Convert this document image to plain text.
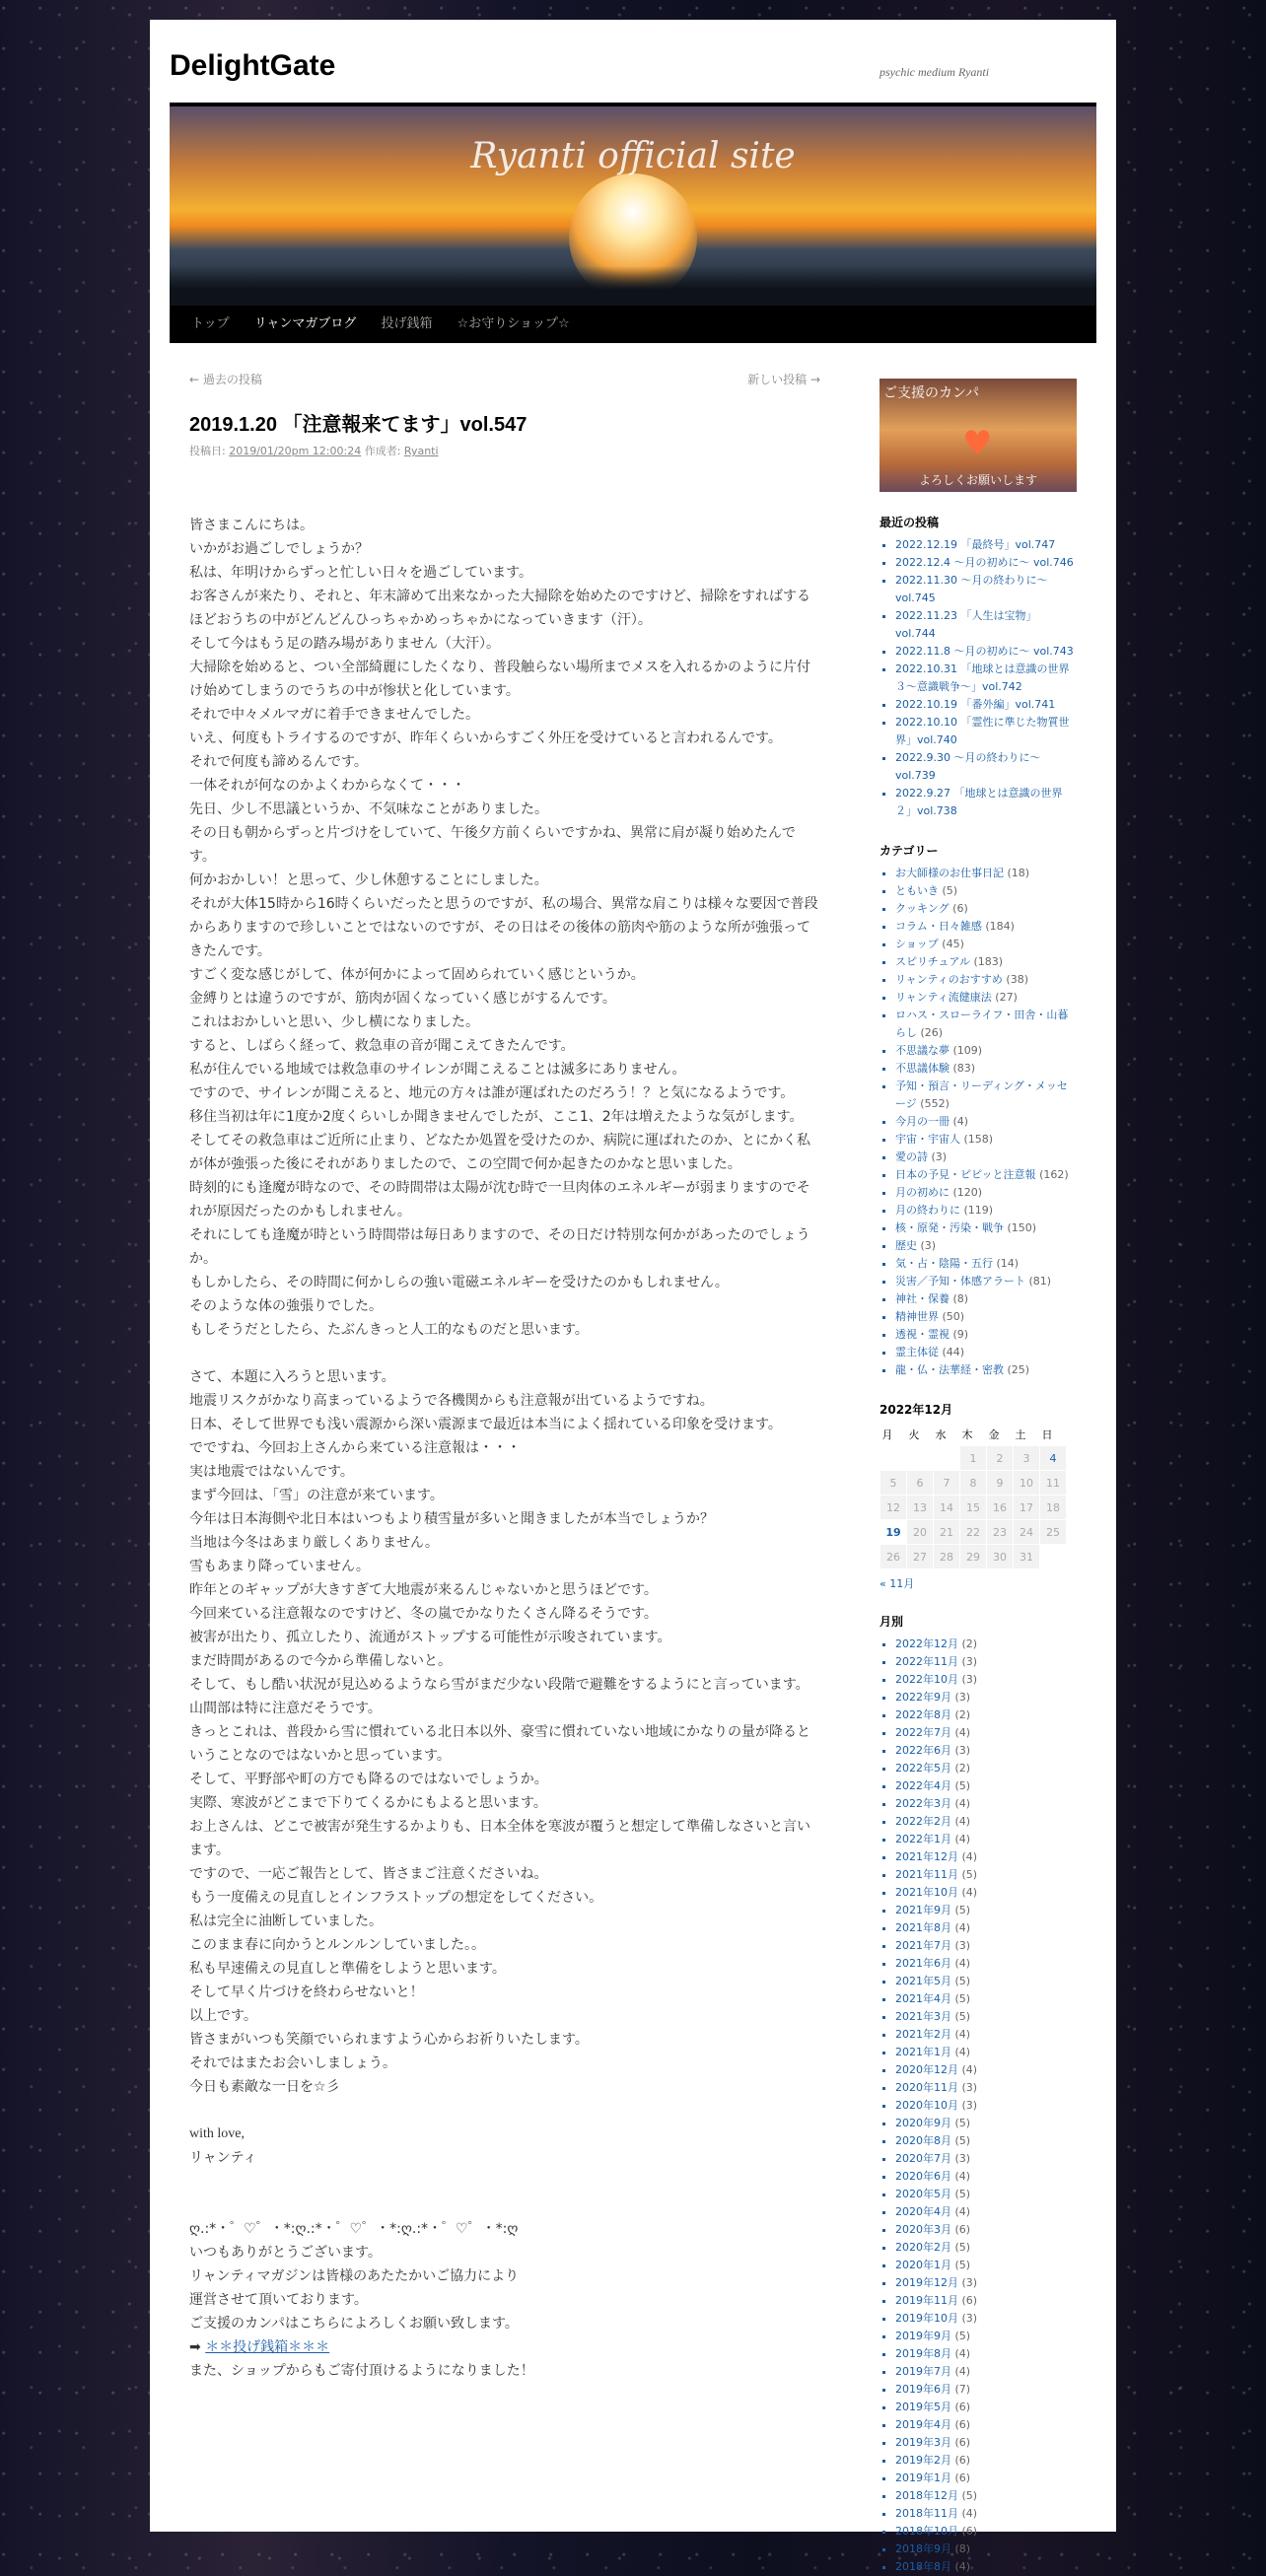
DelightGate	psychic medium Ryanti
Ryanti official site
トップ リャンマガブログ 投げ銭箱 ☆お守りショップ☆
← 過去の投稿	新しい投稿 →
2019.1.20 「注意報来てます」vol.547
投稿日: 2019/01/20pm 12:00:24 作成者: Ryanti

皆さまこんにちは。

いかがお過ごしでしょうか？

私は、年明けからずっと忙しい日々を過ごしています。

お客さんが来たり、それと、年末諦めて出来なかった大掃除を始めたのですけど、掃除をすればするほどおうちの中がどんどんひっちゃかめっちゃかになっていきます（汗）。

そして今はもう足の踏み場がありません（大汗）。

大掃除を始めると、つい全部綺麗にしたくなり、普段触らない場所までメスを入れるかのように片付け始めてしまうのでうちの中が惨状と化しています。

それで中々メルマガに着手できませんでした。

いえ、何度もトライするのですが、昨年くらいからすごく外圧を受けていると言われるんです。

それで何度も諦めるんです。

一体それが何なのかよくわからなくて・・・

先日、少し不思議というか、不気味なことがありました。

その日も朝からずっと片づけをしていて、午後夕方前くらいですかね、異常に肩が凝り始めたんです。

何かおかしい！と思って、少し休憩することにしました。

それが大体15時から16時くらいだったと思うのですが、私の場合、異常な肩こりは様々な要因で普段からありますので珍しいことではないのですが、その日はその後体の筋肉や筋のような所が強張ってきたんです。

すごく変な感じがして、体が何かによって固められていく感じというか。

金縛りとは違うのですが、筋肉が固くなっていく感じがするんです。

これはおかしいと思い、少し横になりました。

すると、しばらく経って、救急車の音が聞こえてきたんです。

私が住んでいる地域では救急車のサイレンが聞こえることは滅多にありません。

ですので、サイレンが聞こえると、地元の方々は誰が運ばれたのだろう！？と気になるようです。

移住当初は年に1度か2度くらいしか聞きませんでしたが、ここ1、2年は増えたような気がします。

そしてその救急車はご近所に止まり、どなたか処置を受けたのか、病院に運ばれたのか、とにかく私が体が強張った後にそれがありましたので、この空間で何か起きたのかなと思いました。

時刻的にも逢魔が時なので、その時間帯は太陽が沈む時で一旦肉体のエネルギーが弱まりますのでそれが原因だったのかもしれません。

それにしても逢魔が時という時間帯は毎日ありますので、その日だけ特別な何かがあったのでしょうか。

もしかしたら、その時間に何かしらの強い電磁エネルギーを受けたのかもしれません。

そのような体の強張りでした。

もしそうだとしたら、たぶんきっと人工的なものだと思います。

さて、本題に入ろうと思います。

地震リスクがかなり高まっているようで各機関からも注意報が出ているようですね。

日本、そして世界でも浅い震源から深い震源まで最近は本当によく揺れている印象を受けます。

でですね、今回お上さんから来ている注意報は・・・

実は地震ではないんです。

まず今回は、「雪」の注意が来ています。

今年は日本海側や北日本はいつもより積雪量が多いと聞きましたが本当でしょうか？

当地は今冬はあまり厳しくありません。

雪もあまり降っていません。

昨年とのギャップが大きすぎて大地震が来るんじゃないかと思うほどです。

今回来ている注意報なのですけど、冬の嵐でかなりたくさん降るそうです。

被害が出たり、孤立したり、流通がストップする可能性が示唆されています。

まだ時間があるので今から準備しないと。

そして、もし酷い状況が見込めるようなら雪がまだ少ない段階で避難をするようにと言っています。

山間部は特に注意だそうです。

きっとこれは、普段から雪に慣れている北日本以外、豪雪に慣れていない地域にかなりの量が降るということなのではないかと思っています。

そして、平野部や町の方でも降るのではないでしょうか。

実際、寒波がどこまで下りてくるかにもよると思います。

お上さんは、どこで被害が発生するかよりも、日本全体を寒波が覆うと想定して準備しなさいと言います。

ですので、一応ご報告として、皆さまご注意くださいね。

もう一度備えの見直しとインフラストップの想定をしてください。

私は完全に油断していました。

このまま春に向かうとルンルンしていました。。

私も早速備えの見直しと準備をしようと思います。

そして早く片づけを終わらせないと！

以上です。

皆さまがいつも笑顔でいられますよう心からお祈りいたします。

それではまたお会いしましょう。

今日も素敵な一日を☆彡

with love,

リャンティ

ღ.:*・゜♡゜・*:ღ.:*・゜♡゜・*:ღ.:*・゜♡゜・*:ღ

いつもありがとうございます。

リャンティマガジンは皆様のあたたかいご協力により

運営させて頂いております。

ご支援のカンパはこちらによろしくお願い致します。

➡ ＊＊投げ銭箱＊＊＊

また、ショップからもご寄付頂けるようになりました！

ご支援のカンパ
♥
よろしくお願いします
最近の投稿
▪ 2022.12.19 「最終号」vol.747
▪ 2022.12.4 ～月の初めに～ vol.746
▪ 2022.11.30 ～月の終わりに～ vol.745
▪ 2022.11.23 「人生は宝物」vol.744
▪ 2022.11.8 ～月の初めに～ vol.743
▪ 2022.10.31 「地球とは意識の世界３～意識戦争～」vol.742
▪ 2022.10.19 「番外編」vol.741
▪ 2022.10.10 「霊性に準じた物質世界」vol.740
▪ 2022.9.30 ～月の終わりに～ vol.739
▪ 2022.9.27 「地球とは意識の世界２」vol.738
カテゴリー
▪ お大師様のお仕事日記 (18)
▪ ともいき (5)
▪ クッキング (6)
▪ コラム・日々雑感 (184)
▪ ショップ (45)
▪ スピリチュアル (183)
▪ リャンティのおすすめ (38)
▪ リャンティ流健康法 (27)
▪ ロハス・スローライフ・田舎・山暮らし (26)
▪ 不思議な夢 (109)
▪ 不思議体験 (83)
▪ 予知・預言・リーディング・メッセージ (552)
▪ 今月の一冊 (4)
▪ 宇宙・宇宙人 (158)
▪ 愛の詩 (3)
▪ 日本の予見・ピピッと注意報 (162)
▪ 月の初めに (120)
▪ 月の終わりに (119)
▪ 核・原発・汚染・戦争 (150)
▪ 歴史 (3)
▪ 気・占・陰陽・五行 (14)
▪ 災害／予知・体感アラート (81)
▪ 神社・保養 (8)
▪ 精神世界 (50)
▪ 透視・霊視 (9)
▪ 霊主体従 (44)
▪ 龍・仏・法華経・密教 (25)
2022年12月
月	火	水	木	金	土	日
			1	2	3	4
5	6	7	8	9	10	11
12	13	14	15	16	17	18
19	20	21	22	23	24	25
26	27	28	29	30	31	
« 11月
月別
▪ 2022年12月 (2)
▪ 2022年11月 (3)
▪ 2022年10月 (3)
▪ 2022年9月 (3)
▪ 2022年8月 (2)
▪ 2022年7月 (4)
▪ 2022年6月 (3)
▪ 2022年5月 (2)
▪ 2022年4月 (5)
▪ 2022年3月 (4)
▪ 2022年2月 (4)
▪ 2022年1月 (4)
▪ 2021年12月 (4)
▪ 2021年11月 (5)
▪ 2021年10月 (4)
▪ 2021年9月 (5)
▪ 2021年8月 (4)
▪ 2021年7月 (3)
▪ 2021年6月 (4)
▪ 2021年5月 (5)
▪ 2021年4月 (5)
▪ 2021年3月 (5)
▪ 2021年2月 (4)
▪ 2021年1月 (4)
▪ 2020年12月 (4)
▪ 2020年11月 (3)
▪ 2020年10月 (3)
▪ 2020年9月 (5)
▪ 2020年8月 (5)
▪ 2020年7月 (3)
▪ 2020年6月 (4)
▪ 2020年5月 (5)
▪ 2020年4月 (4)
▪ 2020年3月 (6)
▪ 2020年2月 (5)
▪ 2020年1月 (5)
▪ 2019年12月 (3)
▪ 2019年11月 (6)
▪ 2019年10月 (3)
▪ 2019年9月 (5)
▪ 2019年8月 (4)
▪ 2019年7月 (4)
▪ 2019年6月 (7)
▪ 2019年5月 (6)
▪ 2019年4月 (6)
▪ 2019年3月 (6)
▪ 2019年2月 (6)
▪ 2019年1月 (6)
▪ 2018年12月 (5)
▪ 2018年11月 (4)
▪ 2018年10月 (6)
▪ 2018年9月 (8)
▪ 2018年8月 (4)
